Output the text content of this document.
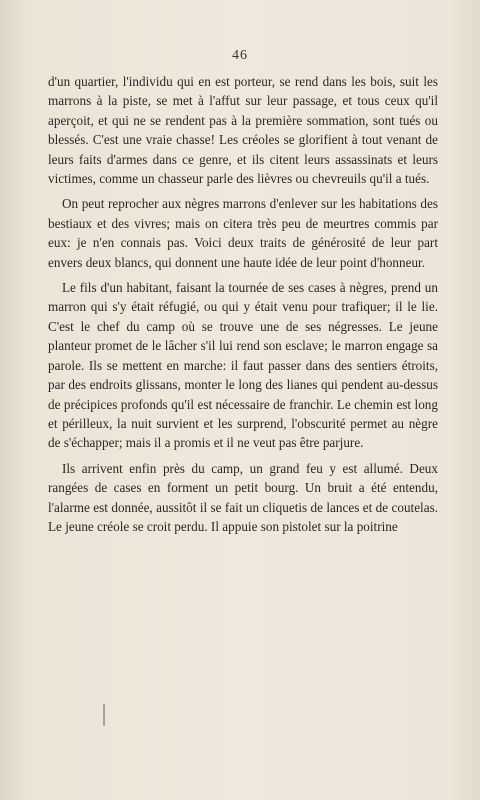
46

d'un quartier, l'individu qui en est porteur, se rend dans les bois, suit les marrons à la piste, se met à l'affut sur leur passage, et tous ceux qu'il aperçoit, et qui ne se rendent pas à la première sommation, sont tués ou blessés. C'est une vraie chasse! Les créoles se glorifient à tout venant de leurs faits d'armes dans ce genre, et ils citent leurs assassinats et leurs victimes, comme un chasseur parle des lièvres ou chevreuils qu'il a tués.

On peut reprocher aux nègres marrons d'enlever sur les habitations des bestiaux et des vivres; mais on citera très peu de meurtres commis par eux: je n'en connais pas. Voici deux traits de générosité de leur part envers deux blancs, qui donnent une haute idée de leur point d'honneur.

Le fils d'un habitant, faisant la tournée de ses cases à nègres, prend un marron qui s'y était réfugié, ou qui y était venu pour trafiquer; il le lie. C'est le chef du camp où se trouve une de ses négresses. Le jeune planteur promet de le lâcher s'il lui rend son esclave; le marron engage sa parole. Ils se mettent en marche: il faut passer dans des sentiers étroits, par des endroits glissans, monter le long des lianes qui pendent au-dessus de précipices profonds qu'il est nécessaire de franchir. Le chemin est long et périlleux, la nuit survient et les surprend, l'obscurité permet au nègre de s'échapper; mais il a promis et il ne veut pas être parjure.

Ils arrivent enfin près du camp, un grand feu y est allumé. Deux rangées de cases en forment un petit bourg. Un bruit a été entendu, l'alarme est donnée, aussitôt il se fait un cliquetis de lances et de coutelas. Le jeune créole se croit perdu. Il appuie son pistolet sur la poitrine
